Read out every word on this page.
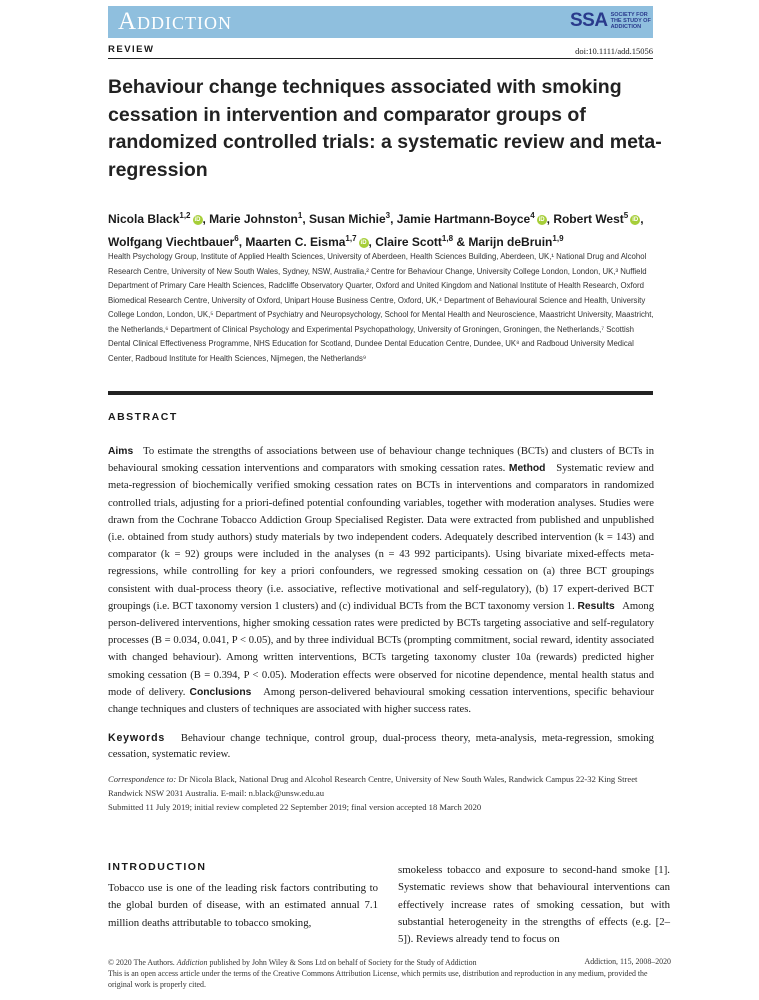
Addiction	SSA SOCIETY FOR THE STUDY OF ADDICTION
REVIEW	doi:10.1111/add.15056
Behaviour change techniques associated with smoking cessation in intervention and comparator groups of randomized controlled trials: a systematic review and meta-regression
Nicola Black$^{1,2}$ iD , Marie Johnston$^1$, Susan Michie$^3$, Jamie Hartmann-Boyce$^4$ iD , Robert West$^5$ iD , Wolfgang Viechtbauer$^6$, Maarten C. Eisma$^{1,7}$ iD , Claire Scott$^{1,8}$ & Marijn deBruin$^{1,9}$
Health Psychology Group, Institute of Applied Health Sciences, University of Aberdeen, Health Sciences Building, Aberdeen, UK,¹ National Drug and Alcohol Research Centre, University of New South Wales, Sydney, NSW, Australia,² Centre for Behaviour Change, University College London, London, UK,³ Nuffield Department of Primary Care Health Sciences, Radcliffe Observatory Quarter, Oxford and United Kingdom and National Institute of Health Research, Oxford Biomedical Research Centre, University of Oxford, Unipart House Business Centre, Oxford, UK,⁴ Department of Behavioural Science and Health, University College London, London, UK,⁵ Department of Psychiatry and Neuropsychology, School for Mental Health and Neuroscience, Maastricht University, Maastricht, the Netherlands,⁶ Department of Clinical Psychology and Experimental Psychopathology, University of Groningen, Groningen, the Netherlands,⁷ Scottish Dental Clinical Effectiveness Programme, NHS Education for Scotland, Dundee Dental Education Centre, Dundee, UK⁸ and Radboud University Medical Center, Radboud Institute for Health Sciences, Nijmegen, the Netherlands⁹
ABSTRACT
Aims To estimate the strengths of associations between use of behaviour change techniques (BCTs) and clusters of BCTs in behavioural smoking cessation interventions and comparators with smoking cessation rates. Method Systematic review and meta-regression of biochemically verified smoking cessation rates on BCTs in interventions and comparators in randomized controlled trials, adjusting for a priori-defined potential confounding variables, together with moderation analyses. Studies were drawn from the Cochrane Tobacco Addiction Group Specialised Register. Data were extracted from published and unpublished (i.e. obtained from study authors) study materials by two independent coders. Adequately described intervention (k = 143) and comparator (k = 92) groups were included in the analyses (n = 43 992 participants). Using bivariate mixed-effects meta-regressions, while controlling for key a priori confounders, we regressed smoking cessation on (a) three BCT groupings consistent with dual-process theory (i.e. associative, reflective motivational and self-regulatory), (b) 17 expert-derived BCT groupings (i.e. BCT taxonomy version 1 clusters) and (c) individual BCTs from the BCT taxonomy version 1. Results Among person-delivered interventions, higher smoking cessation rates were predicted by BCTs targeting associative and self-regulatory processes (B = 0.034, 0.041, P < 0.05), and by three individual BCTs (prompting commitment, social reward, identity associated with changed behaviour). Among written interventions, BCTs targeting taxonomy cluster 10a (rewards) predicted higher smoking cessation (B = 0.394, P < 0.05). Moderation effects were observed for nicotine dependence, mental health status and mode of delivery. Conclusions Among person-delivered behavioural smoking cessation interventions, specific behaviour change techniques and clusters of techniques are associated with higher success rates.
Keywords Behaviour change technique, control group, dual-process theory, meta-analysis, meta-regression, smoking cessation, systematic review.
Correspondence to: Dr Nicola Black, National Drug and Alcohol Research Centre, University of New South Wales, Randwick Campus 22-32 King Street Randwick NSW 2031 Australia. E-mail: n.black@unsw.edu.au
Submitted 11 July 2019; initial review completed 22 September 2019; final version accepted 18 March 2020
INTRODUCTION
Tobacco use is one of the leading risk factors contributing to the global burden of disease, with an estimated annual 7.1 million deaths attributable to tobacco smoking,
smokeless tobacco and exposure to second-hand smoke [1]. Systematic reviews show that behavioural interventions can effectively increase rates of smoking cessation, but with substantial heterogeneity in the strengths of effects (e.g. [2–5]). Reviews already tend to focus on
© 2020 The Authors. Addiction published by John Wiley & Sons Ltd on behalf of Society for the Study of Addiction
This is an open access article under the terms of the Creative Commons Attribution License, which permits use, distribution and reproduction in any medium, provided the original work is properly cited.
Addiction, 115, 2008–2020
